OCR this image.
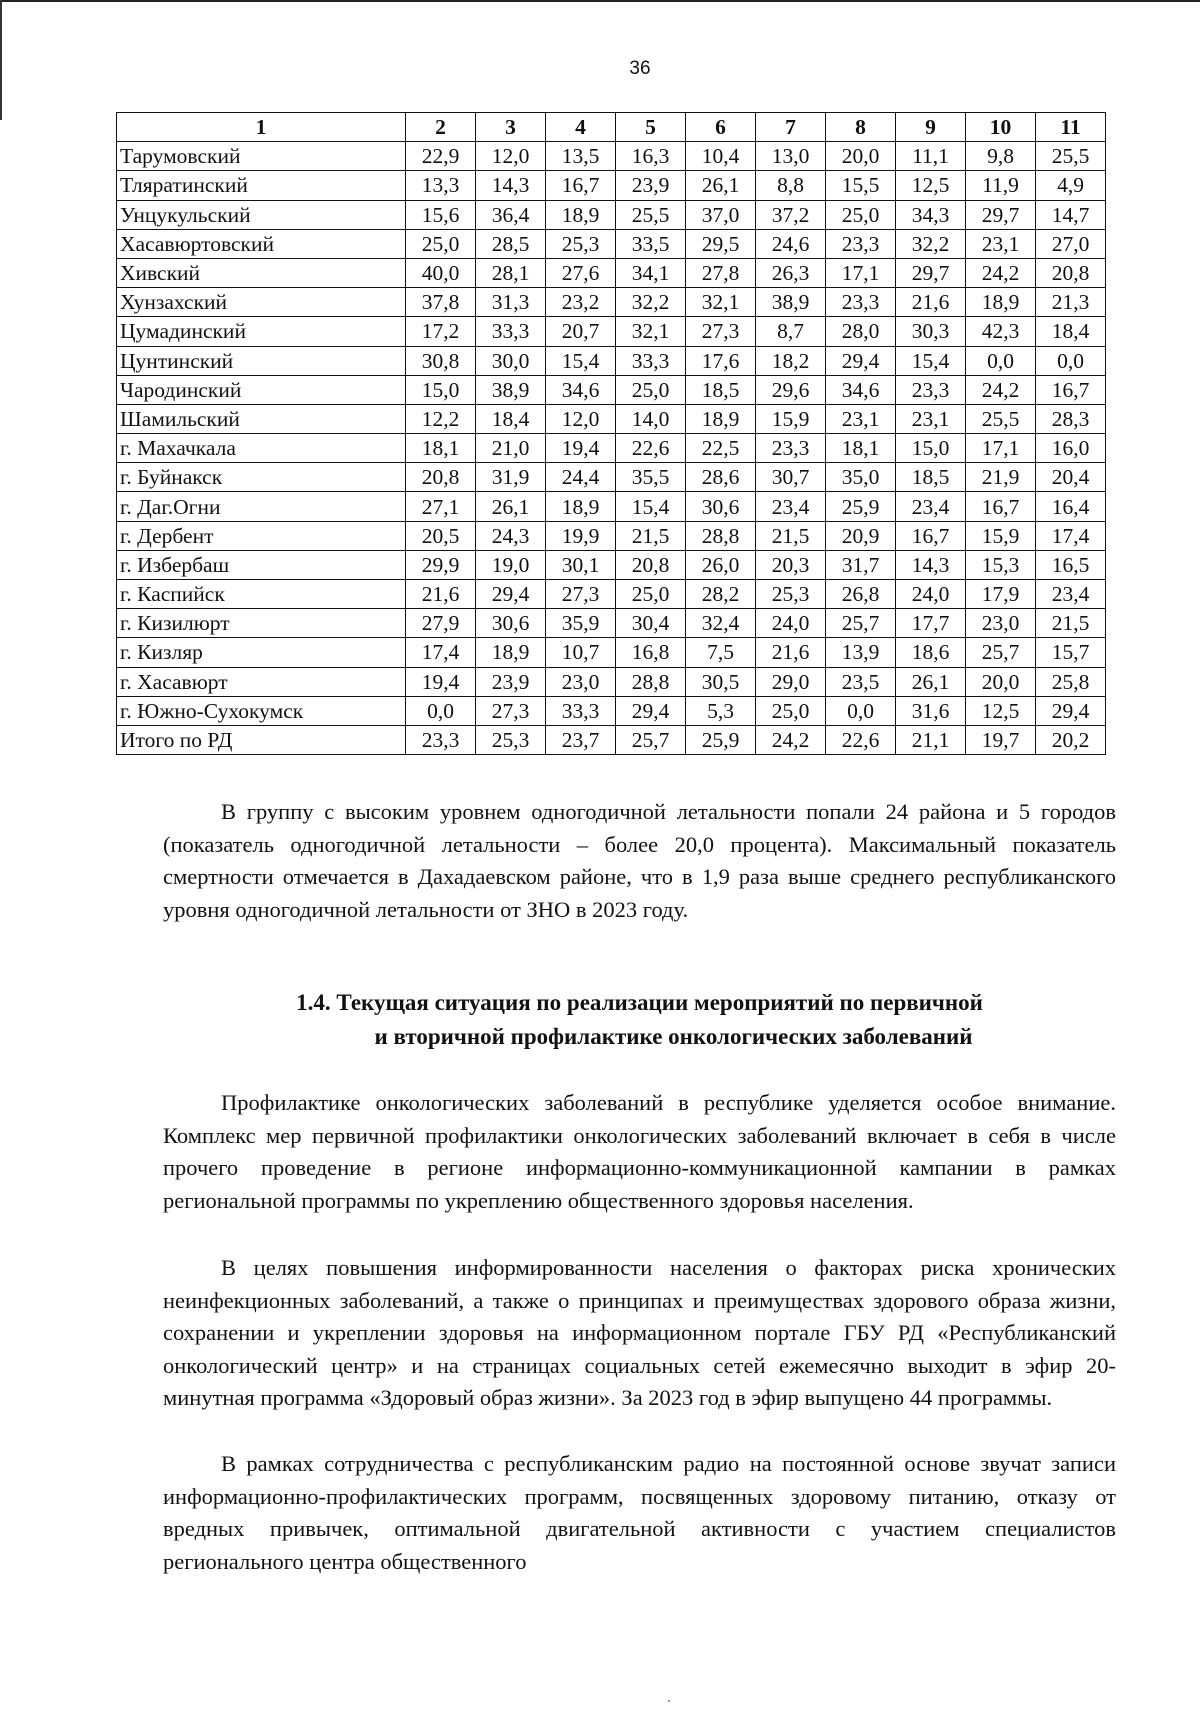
36
1	2	3	4	5	6	7	8	9	10	11
Тарумовский	22,9	12,0	13,5	16,3	10,4	13,0	20,0	11,1	9,8	25,5
Тляратинский	13,3	14,3	16,7	23,9	26,1	8,8	15,5	12,5	11,9	4,9
Унцукульский	15,6	36,4	18,9	25,5	37,0	37,2	25,0	34,3	29,7	14,7
Хасавюртовский	25,0	28,5	25,3	33,5	29,5	24,6	23,3	32,2	23,1	27,0
Хивский	40,0	28,1	27,6	34,1	27,8	26,3	17,1	29,7	24,2	20,8
Хунзахский	37,8	31,3	23,2	32,2	32,1	38,9	23,3	21,6	18,9	21,3
Цумадинский	17,2	33,3	20,7	32,1	27,3	8,7	28,0	30,3	42,3	18,4
Цунтинский	30,8	30,0	15,4	33,3	17,6	18,2	29,4	15,4	0,0	0,0
Чародинский	15,0	38,9	34,6	25,0	18,5	29,6	34,6	23,3	24,2	16,7
Шамильский	12,2	18,4	12,0	14,0	18,9	15,9	23,1	23,1	25,5	28,3
г. Махачкала	18,1	21,0	19,4	22,6	22,5	23,3	18,1	15,0	17,1	16,0
г. Буйнакск	20,8	31,9	24,4	35,5	28,6	30,7	35,0	18,5	21,9	20,4
г. Даг.Огни	27,1	26,1	18,9	15,4	30,6	23,4	25,9	23,4	16,7	16,4
г. Дербент	20,5	24,3	19,9	21,5	28,8	21,5	20,9	16,7	15,9	17,4
г. Избербаш	29,9	19,0	30,1	20,8	26,0	20,3	31,7	14,3	15,3	16,5
г. Каспийск	21,6	29,4	27,3	25,0	28,2	25,3	26,8	24,0	17,9	23,4
г. Кизилюрт	27,9	30,6	35,9	30,4	32,4	24,0	25,7	17,7	23,0	21,5
г. Кизляр	17,4	18,9	10,7	16,8	7,5	21,6	13,9	18,6	25,7	15,7
г. Хасавюрт	19,4	23,9	23,0	28,8	30,5	29,0	23,5	26,1	20,0	25,8
г. Южно-Сухокумск	0,0	27,3	33,3	29,4	5,3	25,0	0,0	31,6	12,5	29,4
Итого по РД	23,3	25,3	23,7	25,7	25,9	24,2	22,6	21,1	19,7	20,2

В группу с высоким уровнем одногодичной летальности попали 24 района и 5 городов (показатель одногодичной летальности – более 20,0 процента). Максимальный показатель смертности отмечается в Дахадаевском районе, что в 1,9 раза выше среднего республиканского уровня одногодичной летальности от ЗНО в 2023 году.

1.4. Текущая ситуация по реализации мероприятий по первичной
и вторичной профилактике онкологических заболеваний

Профилактике онкологических заболеваний в республике уделяется особое внимание. Комплекс мер первичной профилактики онкологических заболеваний включает в себя в числе прочего проведение в регионе информационно-коммуникационной кампании в рамках региональной программы по укреплению общественного здоровья населения.

В целях повышения информированности населения о факторах риска хронических неинфекционных заболеваний, а также о принципах и преимуществах здорового образа жизни, сохранении и укреплении здоровья на информационном портале ГБУ РД «Республиканский онкологический центр» и на страницах социальных сетей ежемесячно выходит в эфир 20-минутная программа «Здоровый образ жизни». За 2023 год в эфир выпущено 44 программы.

В рамках сотрудничества с республиканским радио на постоянной основе звучат записи информационно-профилактических программ, посвященных здоровому питанию, отказу от вредных привычек, оптимальной двигательной активности с участием специалистов регионального центра общественного
